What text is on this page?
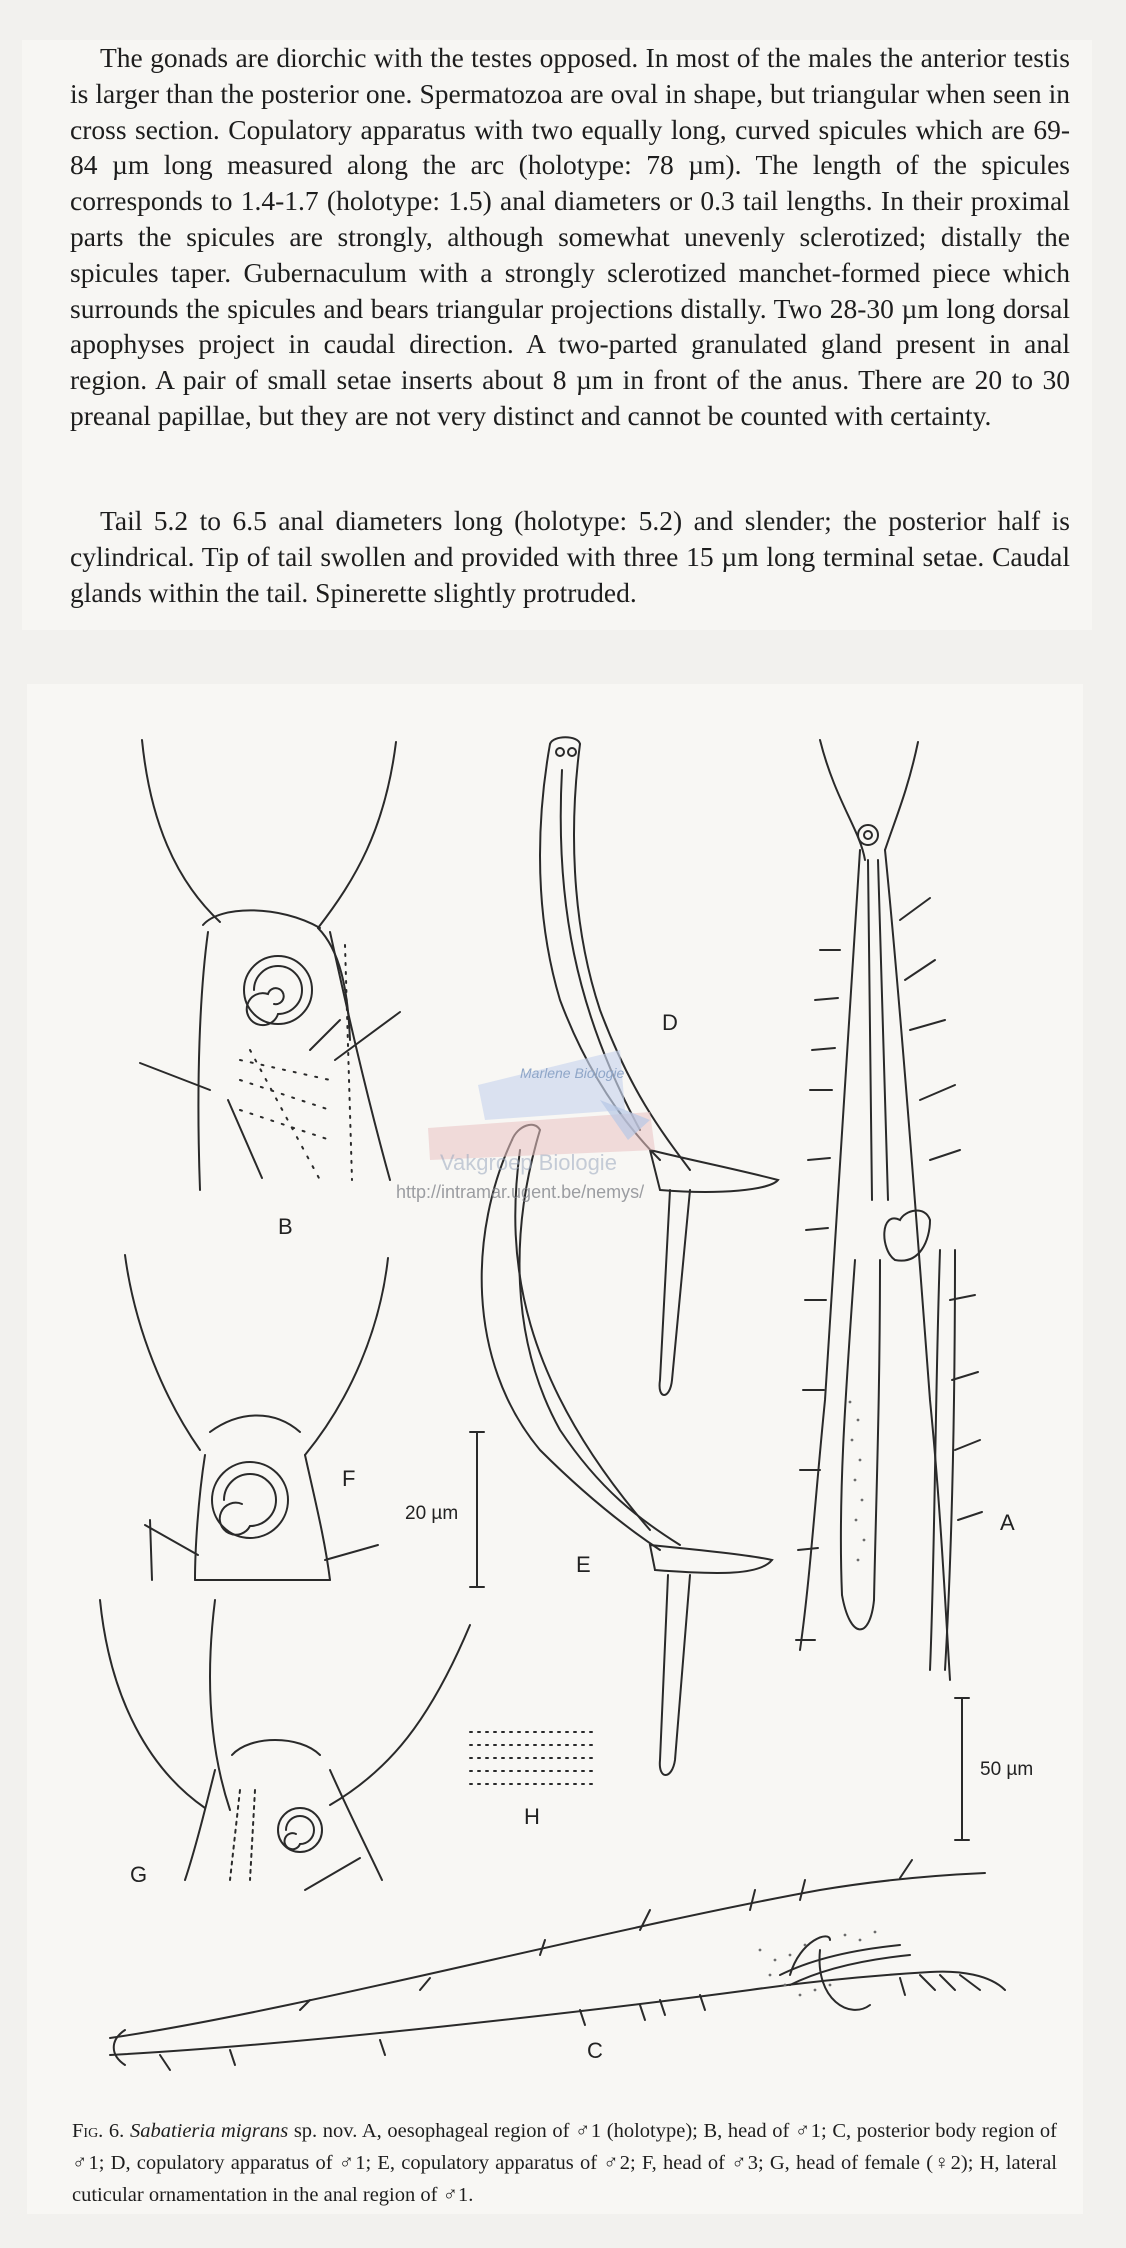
The gonads are diorchic with the testes opposed. In most of the males the anterior testis is larger than the posterior one. Spermatozoa are oval in shape, but triangular when seen in cross section. Copulatory apparatus with two equally long, curved spicules which are 69-84 µm long measured along the arc (holotype: 78 µm). The length of the spicules corresponds to 1.4-1.7 (holotype: 1.5) anal diameters or 0.3 tail lengths. In their proximal parts the spicules are strongly, although somewhat unevenly sclerotized; distally the spicules taper. Gubernaculum with a strongly sclerotized manchet-formed piece which surrounds the spicules and bears triangular projections distally. Two 28-30 µm long dorsal apophyses project in caudal direction. A two-parted granulated gland present in anal region. A pair of small setae inserts about 8 µm in front of the anus. There are 20 to 30 preanal papillae, but they are not very distinct and cannot be counted with certainty.

Tail 5.2 to 6.5 anal diameters long (holotype: 5.2) and slender; the posterior half is cylindrical. Tip of tail swollen and provided with three 15 µm long terminal setae. Caudal glands within the tail. Spinerette slightly protruded.

Marlene Biologie
Vakgroep Biologie
http://intramar.ugent.be/nemys/
B
D
F
E
A
H
G
C
20 µm
50 µm

Fig. 6. Sabatieria migrans sp. nov. A, oesophageal region of ♂1 (holotype); B, head of ♂1; C, posterior body region of ♂1; D, copulatory apparatus of ♂1; E, copulatory apparatus of ♂2; F, head of ♂3; G, head of female (♀2); H, lateral cuticular ornamentation in the anal region of ♂1.
